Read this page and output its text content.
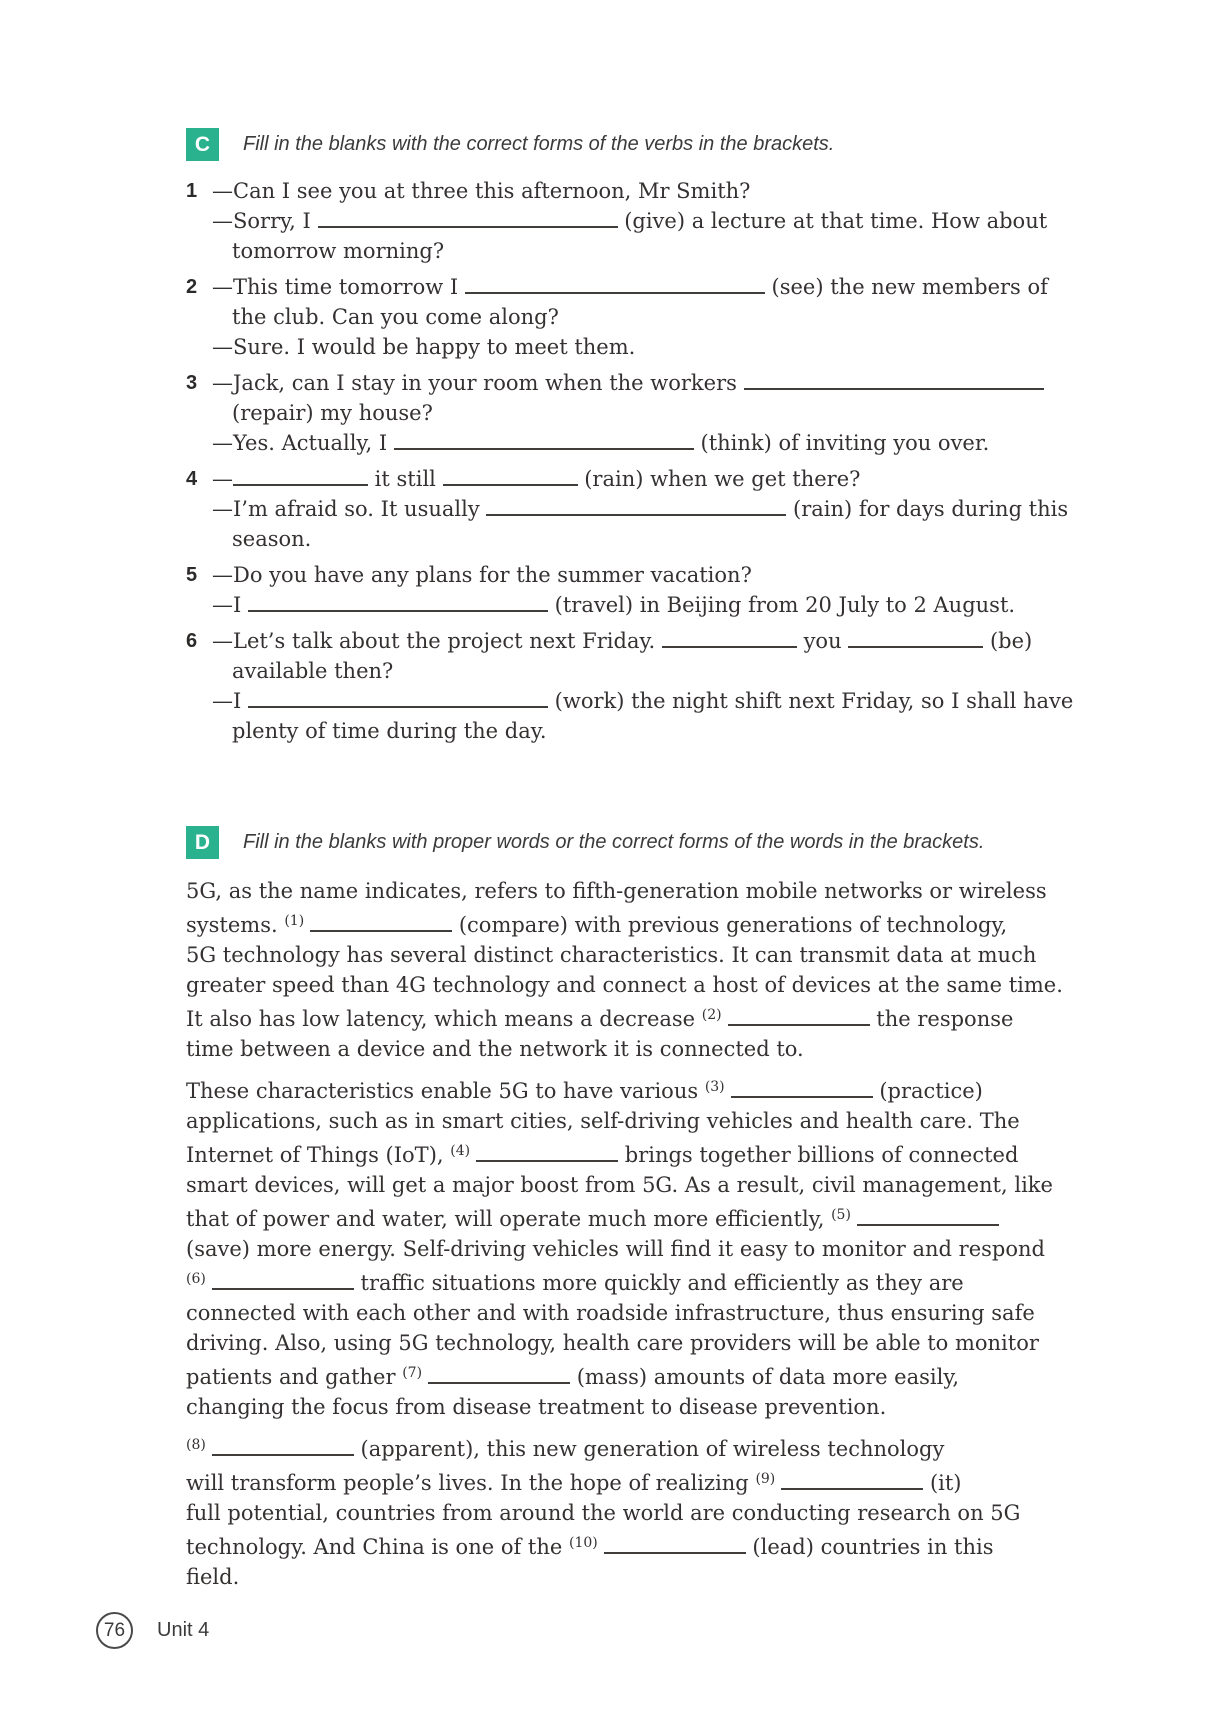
C	Fill in the blanks with the correct forms of the verbs in the brackets.
1 —Can I see you at three this afternoon, Mr Smith?
—Sorry, I	(give) a lecture at that time. How about
tomorrow morning?
2 —This time tomorrow I	(see) the new members of
the club. Can you come along?
—Sure. I would be happy to meet them.
3 —Jack, can I stay in your room when the workers
(repair) my house?
—Yes. Actually, I	(think) of inviting you over.
4 —	it still	(rain) when we get there?
—I’m afraid so. It usually	(rain) for days during this
season.
5 —Do you have any plans for the summer vacation?
—I	(travel) in Beijing from 20 July to 2 August.
6 —Let’s talk about the project next Friday.	you	(be)
available then?
—I	(work) the night shift next Friday, so I shall have
plenty of time during the day.
D	Fill in the blanks with proper words or the correct forms of the words in the brackets.
5G, as the name indicates, refers to fifth-generation mobile networks or wireless
systems. $^{(1)}$	(compare) with previous generations of technology,
5G technology has several distinct characteristics. It can transmit data at much
greater speed than 4G technology and connect a host of devices at the same time.
It also has low latency, which means a decrease $^{(2)}$	the response
time between a device and the network it is connected to.
These characteristics enable 5G to have various $^{(3)}$	(practice)
applications, such as in smart cities, self-driving vehicles and health care. The
Internet of Things (IoT), $^{(4)}$	brings together billions of connected
smart devices, will get a major boost from 5G. As a result, civil management, like
that of power and water, will operate much more efficiently, $^{(5)}$
(save) more energy. Self-driving vehicles will find it easy to monitor and respond
$^{(6)}$	traffic situations more quickly and efficiently as they are
connected with each other and with roadside infrastructure, thus ensuring safe
driving. Also, using 5G technology, health care providers will be able to monitor
patients and gather $^{(7)}$	(mass) amounts of data more easily,
changing the focus from disease treatment to disease prevention.
$^{(8)}$	(apparent), this new generation of wireless technology
will transform people’s lives. In the hope of realizing $^{(9)}$	(it)
full potential, countries from around the world are conducting research on 5G
technology. And China is one of the $^{(10)}$	(lead) countries in this
field.
76 Unit 4
